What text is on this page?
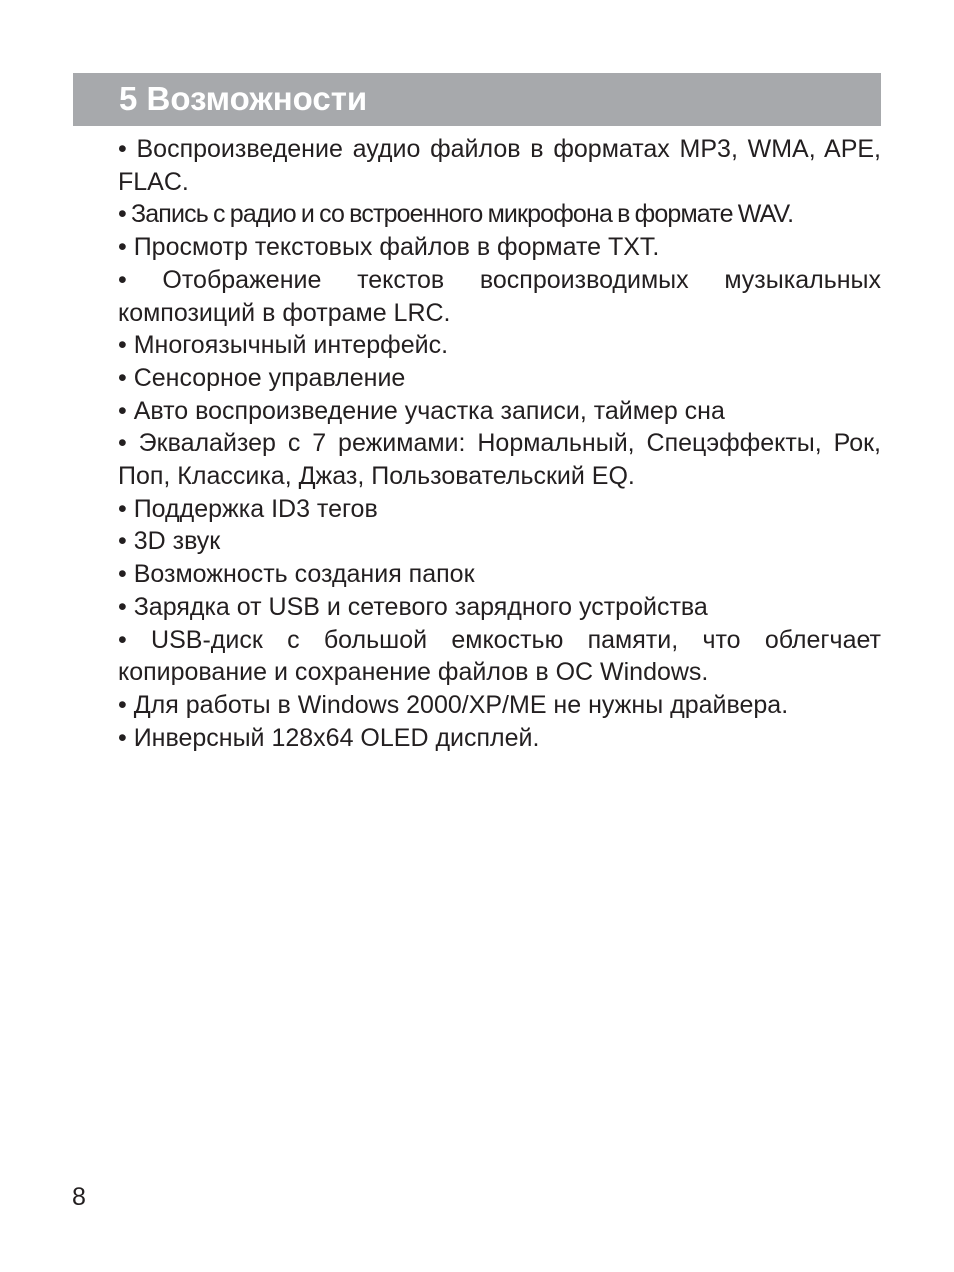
5 Возможности
• Воспроизведение аудио файлов в форматах MP3, WMA, APE, FLAC.
• Запись с радио и со встроенного микрофона в формате WAV.
• Просмотр текстовых файлов в формате TXT.
• Отображение текстов воспроизводимых музыкальных композиций в фотраме LRC.
• Многоязычный интерфейс.
• Сенсорное управление
• Авто воспроизведение участка записи, таймер сна
• Эквалайзер с 7 режимами: Нормальный, Спецэффекты, Рок, Поп, Классика, Джаз, Пользовательский EQ.
• Поддержка ID3 тегов
• 3D звук
• Возможность создания папок
• Зарядка от USB и сетевого зарядного устройства
• USB-диск с большой емкостью памяти, что облегчает копирование и сохранение файлов в ОС Windows.
• Для работы в Windows 2000/XP/ME не нужны драйвера.
• Инверсный 128x64 OLED дисплей.
8
